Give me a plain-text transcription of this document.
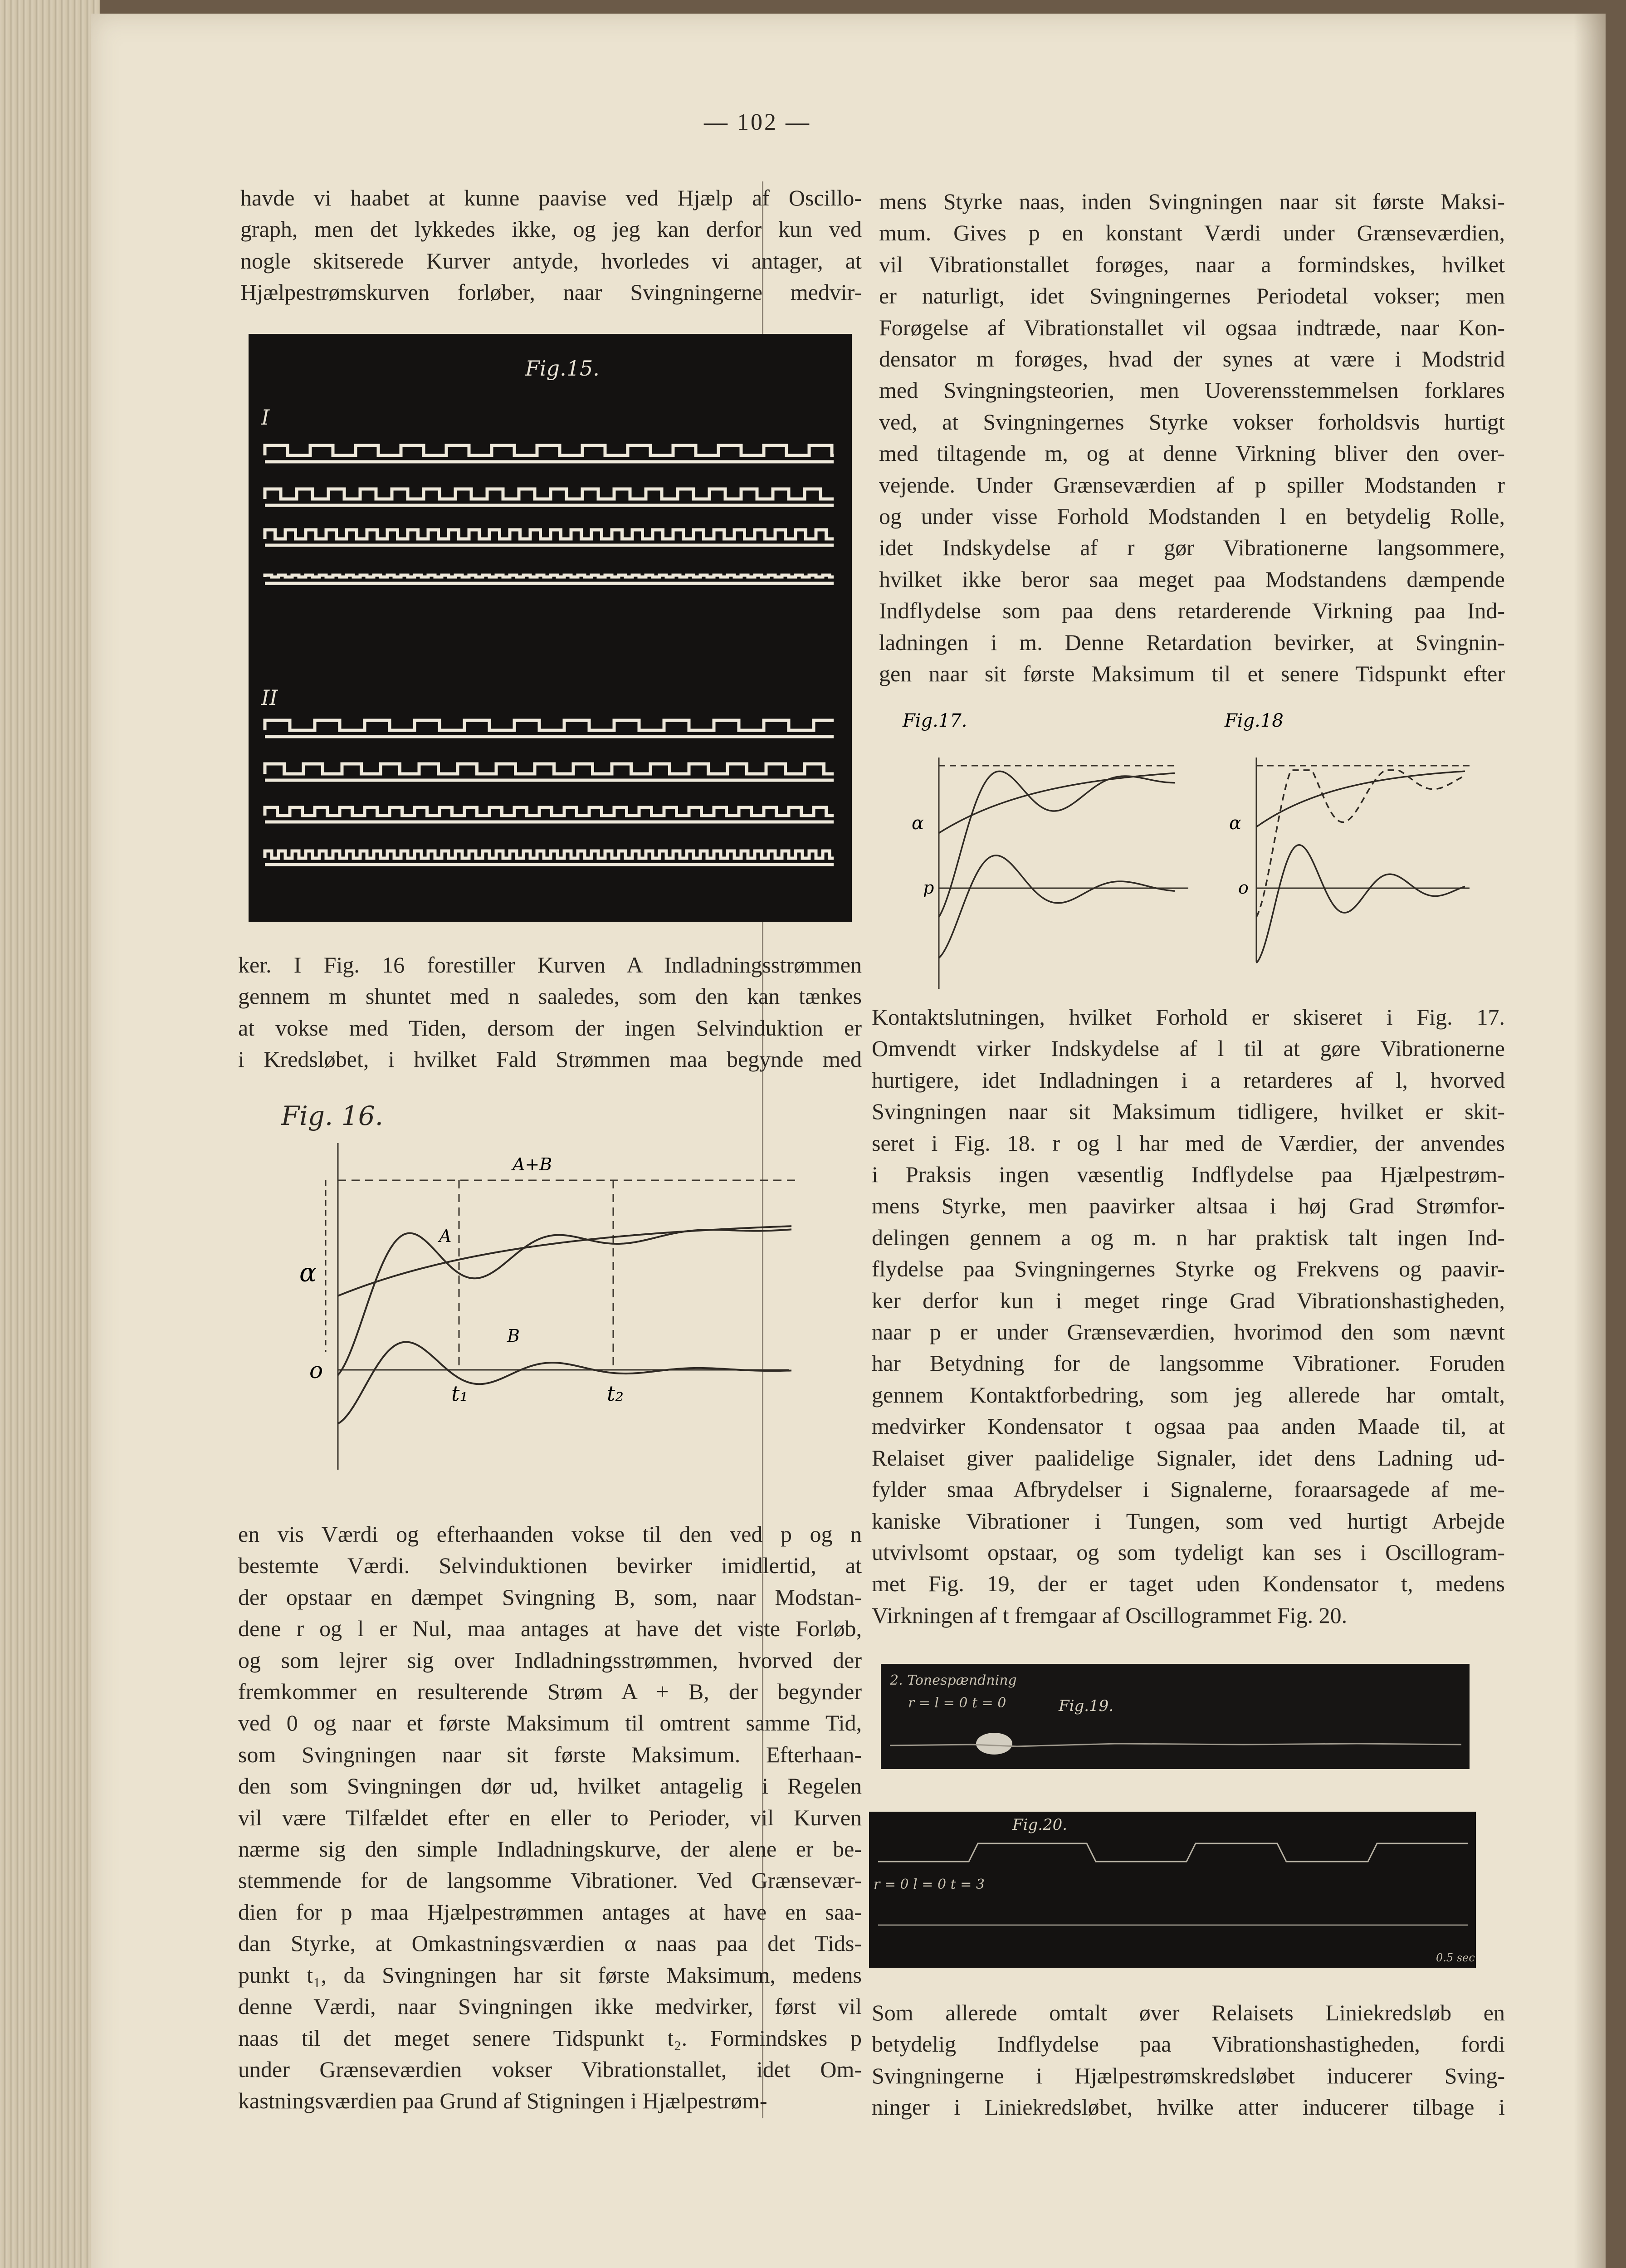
— 102 —
havde vi haabet at kunne paavise ved Hjælp af Oscillo-
graph, men det lykkedes ikke, og jeg kan derfor kun ved
nogle skitserede Kurver antyde, hvorledes vi antager, at
Hjælpestrømskurven forløber, naar Svingningerne medvir-
ker. I Fig. 16 forestiller Kurven A Indladningsstrømmen
gennem m shuntet med n saaledes, som den kan tænkes
at vokse med Tiden, dersom der ingen Selvinduktion er
i Kredsløbet, i hvilket Fald Strømmen maa begynde med
en vis Værdi og efterhaanden vokse til den ved p og n
bestemte Værdi. Selvinduktionen bevirker imidlertid, at
der opstaar en dæmpet Svingning B, som, naar Modstan-
dene r og l er Nul, maa antages at have det viste Forløb,
og som lejrer sig over Indladningsstrømmen, hvorved der
fremkommer en resulterende Strøm A + B, der begynder
ved 0 og naar et første Maksimum til omtrent samme Tid,
som Svingningen naar sit første Maksimum. Efterhaan-
den som Svingningen dør ud, hvilket antagelig i Regelen
vil være Tilfældet efter en eller to Perioder, vil Kurven
nærme sig den simple Indladningskurve, der alene er be-
stemmende for de langsomme Vibrationer. Ved Grænsevær-
dien for p maa Hjælpestrømmen antages at have en saa-
dan Styrke, at Omkastningsværdien α naas paa det Tids-
punkt t₁, da Svingningen har sit første Maksimum, medens
denne Værdi, naar Svingningen ikke medvirker, først vil
naas til det meget senere Tidspunkt t₂. Formindskes p
under Grænseværdien vokser Vibrationstallet, idet Om-
kastningsværdien paa Grund af Stigningen i Hjælpestrøm-
mens Styrke naas, inden Svingningen naar sit første Maksi-
mum. Gives p en konstant Værdi under Grænseværdien,
vil Vibrationstallet forøges, naar a formindskes, hvilket
er naturligt, idet Svingningernes Periodetal vokser; men
Forøgelse af Vibrationstallet vil ogsaa indtræde, naar Kon-
densator m forøges, hvad der synes at være i Modstrid
med Svingningsteorien, men Uoverensstemmelsen forklares
ved, at Svingningernes Styrke vokser forholdsvis hurtigt
med tiltagende m, og at denne Virkning bliver den over-
vejende. Under Grænseværdien af p spiller Modstanden r
og under visse Forhold Modstanden l en betydelig Rolle,
idet Indskydelse af r gør Vibrationerne langsommere,
hvilket ikke beror saa meget paa Modstandens dæmpende
Indflydelse som paa dens retarderende Virkning paa Ind-
ladningen i m. Denne Retardation bevirker, at Svingnin-
gen naar sit første Maksimum til et senere Tidspunkt efter
Kontaktslutningen, hvilket Forhold er skiseret i Fig. 17.
Omvendt virker Indskydelse af l til at gøre Vibrationerne
hurtigere, idet Indladningen i a retarderes af l, hvorved
Svingningen naar sit Maksimum tidligere, hvilket er skit-
seret i Fig. 18. r og l har med de Værdier, der anvendes
i Praksis ingen væsentlig Indflydelse paa Hjælpestrøm-
mens Styrke, men paavirker altsaa i høj Grad Strømfor-
delingen gennem a og m. n har praktisk talt ingen Ind-
flydelse paa Svingningernes Styrke og Frekvens og paavir-
ker derfor kun i meget ringe Grad Vibrationshastigheden,
naar p er under Grænseværdien, hvorimod den som nævnt
har Betydning for de langsomme Vibrationer. Foruden
gennem Kontaktforbedring, som jeg allerede har omtalt,
medvirker Kondensator t ogsaa paa anden Maade til, at
Relaiset giver paalidelige Signaler, idet dens Ladning ud-
fylder smaa Afbrydelser i Signalerne, foraarsagede af me-
kaniske Vibrationer i Tungen, som ved hurtigt Arbejde
utvivlsomt opstaar, og som tydeligt kan ses i Oscillogram-
met Fig. 19, der er taget uden Kondensator t, medens
Virkningen af t fremgaar af Oscillogrammet Fig. 20.
Som allerede omtalt øver Relaisets Liniekredsløb en
betydelig Indflydelse paa Vibrationshastigheden, fordi
Svingningerne i Hjælpestrømskredsløbet inducerer Sving-
ninger i Liniekredsløbet, hvilke atter inducerer tilbage i
Fig.15.
I
II
Fig. 16.
α
o
t₁	t₂
A+B
A
B
Fig.17.
α
p
Fig.18
α
o
2. Tonespændning
r = l = 0 t = 0	Fig.19.
Fig.20.
r = 0 l = 0 t = 3
0.5 sec
